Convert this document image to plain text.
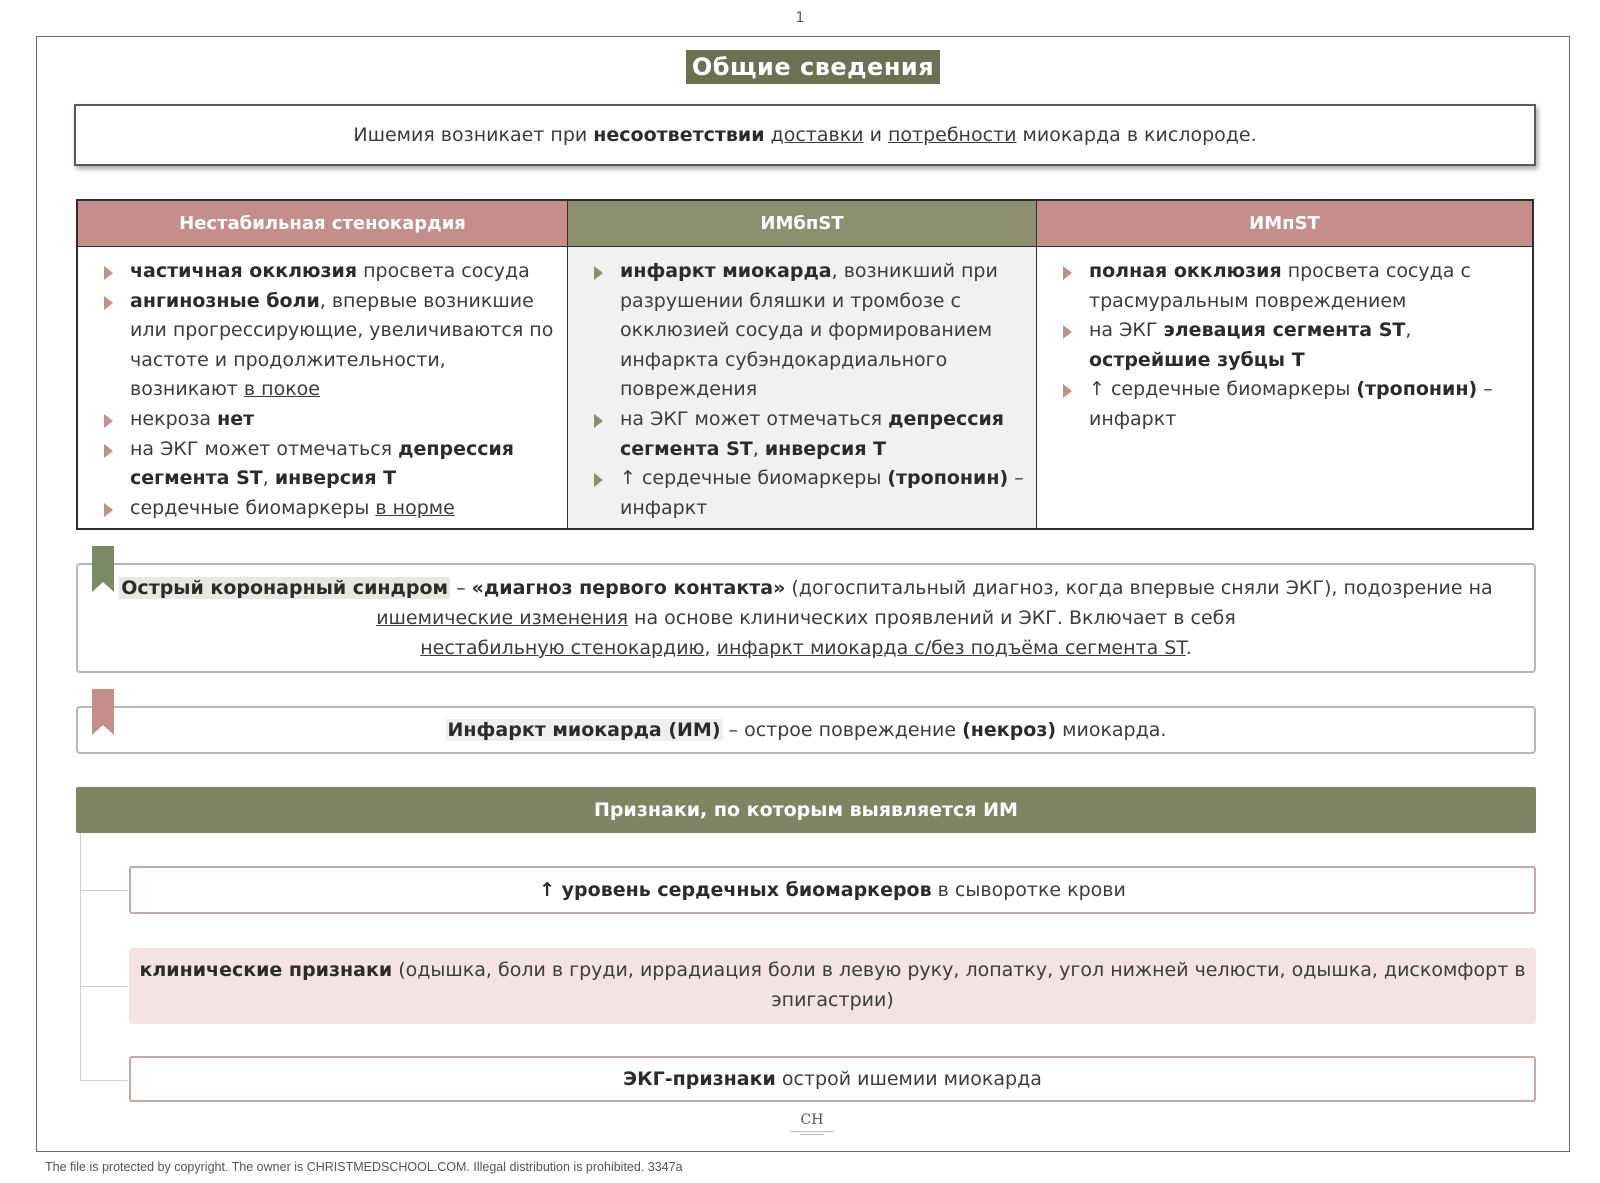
1
Общие сведения
Ишемия возникает при несоответствии доставки и потребности миокарда в кислороде.
Нестабильная стенокардия
частичная окклюзия просвета сосуда
ангинозные боли, впервые возникшие или прогрессирующие, увеличиваются по частоте и продолжительности, возникают в покое
некроза нет
на ЭКГ может отмечаться депрессия сегмента ST, инверсия Т
сердечные биомаркеры в норме
ИМбпST
инфаркт миокарда, возникший при разрушении бляшки и тромбозе с окклюзией сосуда и формированием инфаркта субэндокардиального повреждения
на ЭКГ может отмечаться депрессия сегмента ST, инверсия Т
↑ сердечные биомаркеры (тропонин) – инфаркт
ИМпST
полная окклюзия просвета сосуда с трасмуральным повреждением
на ЭКГ элевация сегмента ST, острейшие зубцы Т
↑ сердечные биомаркеры (тропонин) – инфаркт
Острый коронарный синдром – «диагноз первого контакта» (догоспитальный диагноз, когда впервые сняли ЭКГ), подозрение на ишемические изменения на основе клинических проявлений и ЭКГ. Включает в себя
нестабильную стенокардию, инфаркт миокарда с/без подъёма сегмента ST.
Инфаркт миокарда (ИМ) – острое повреждение (некроз) миокарда.
Признаки, по которым выявляется ИМ
↑ уровень сердечных биомаркеров в сыворотке крови
клинические признаки (одышка, боли в груди, иррадиация боли в левую руку, лопатку, угол нижней челюсти, одышка, дискомфорт в эпигастрии)
ЭКГ-признаки острой ишемии миокарда
CH
The file is protected by copyright. The owner is CHRISTMEDSCHOOL.COM. Illegal distribution is prohibited. 3347a
